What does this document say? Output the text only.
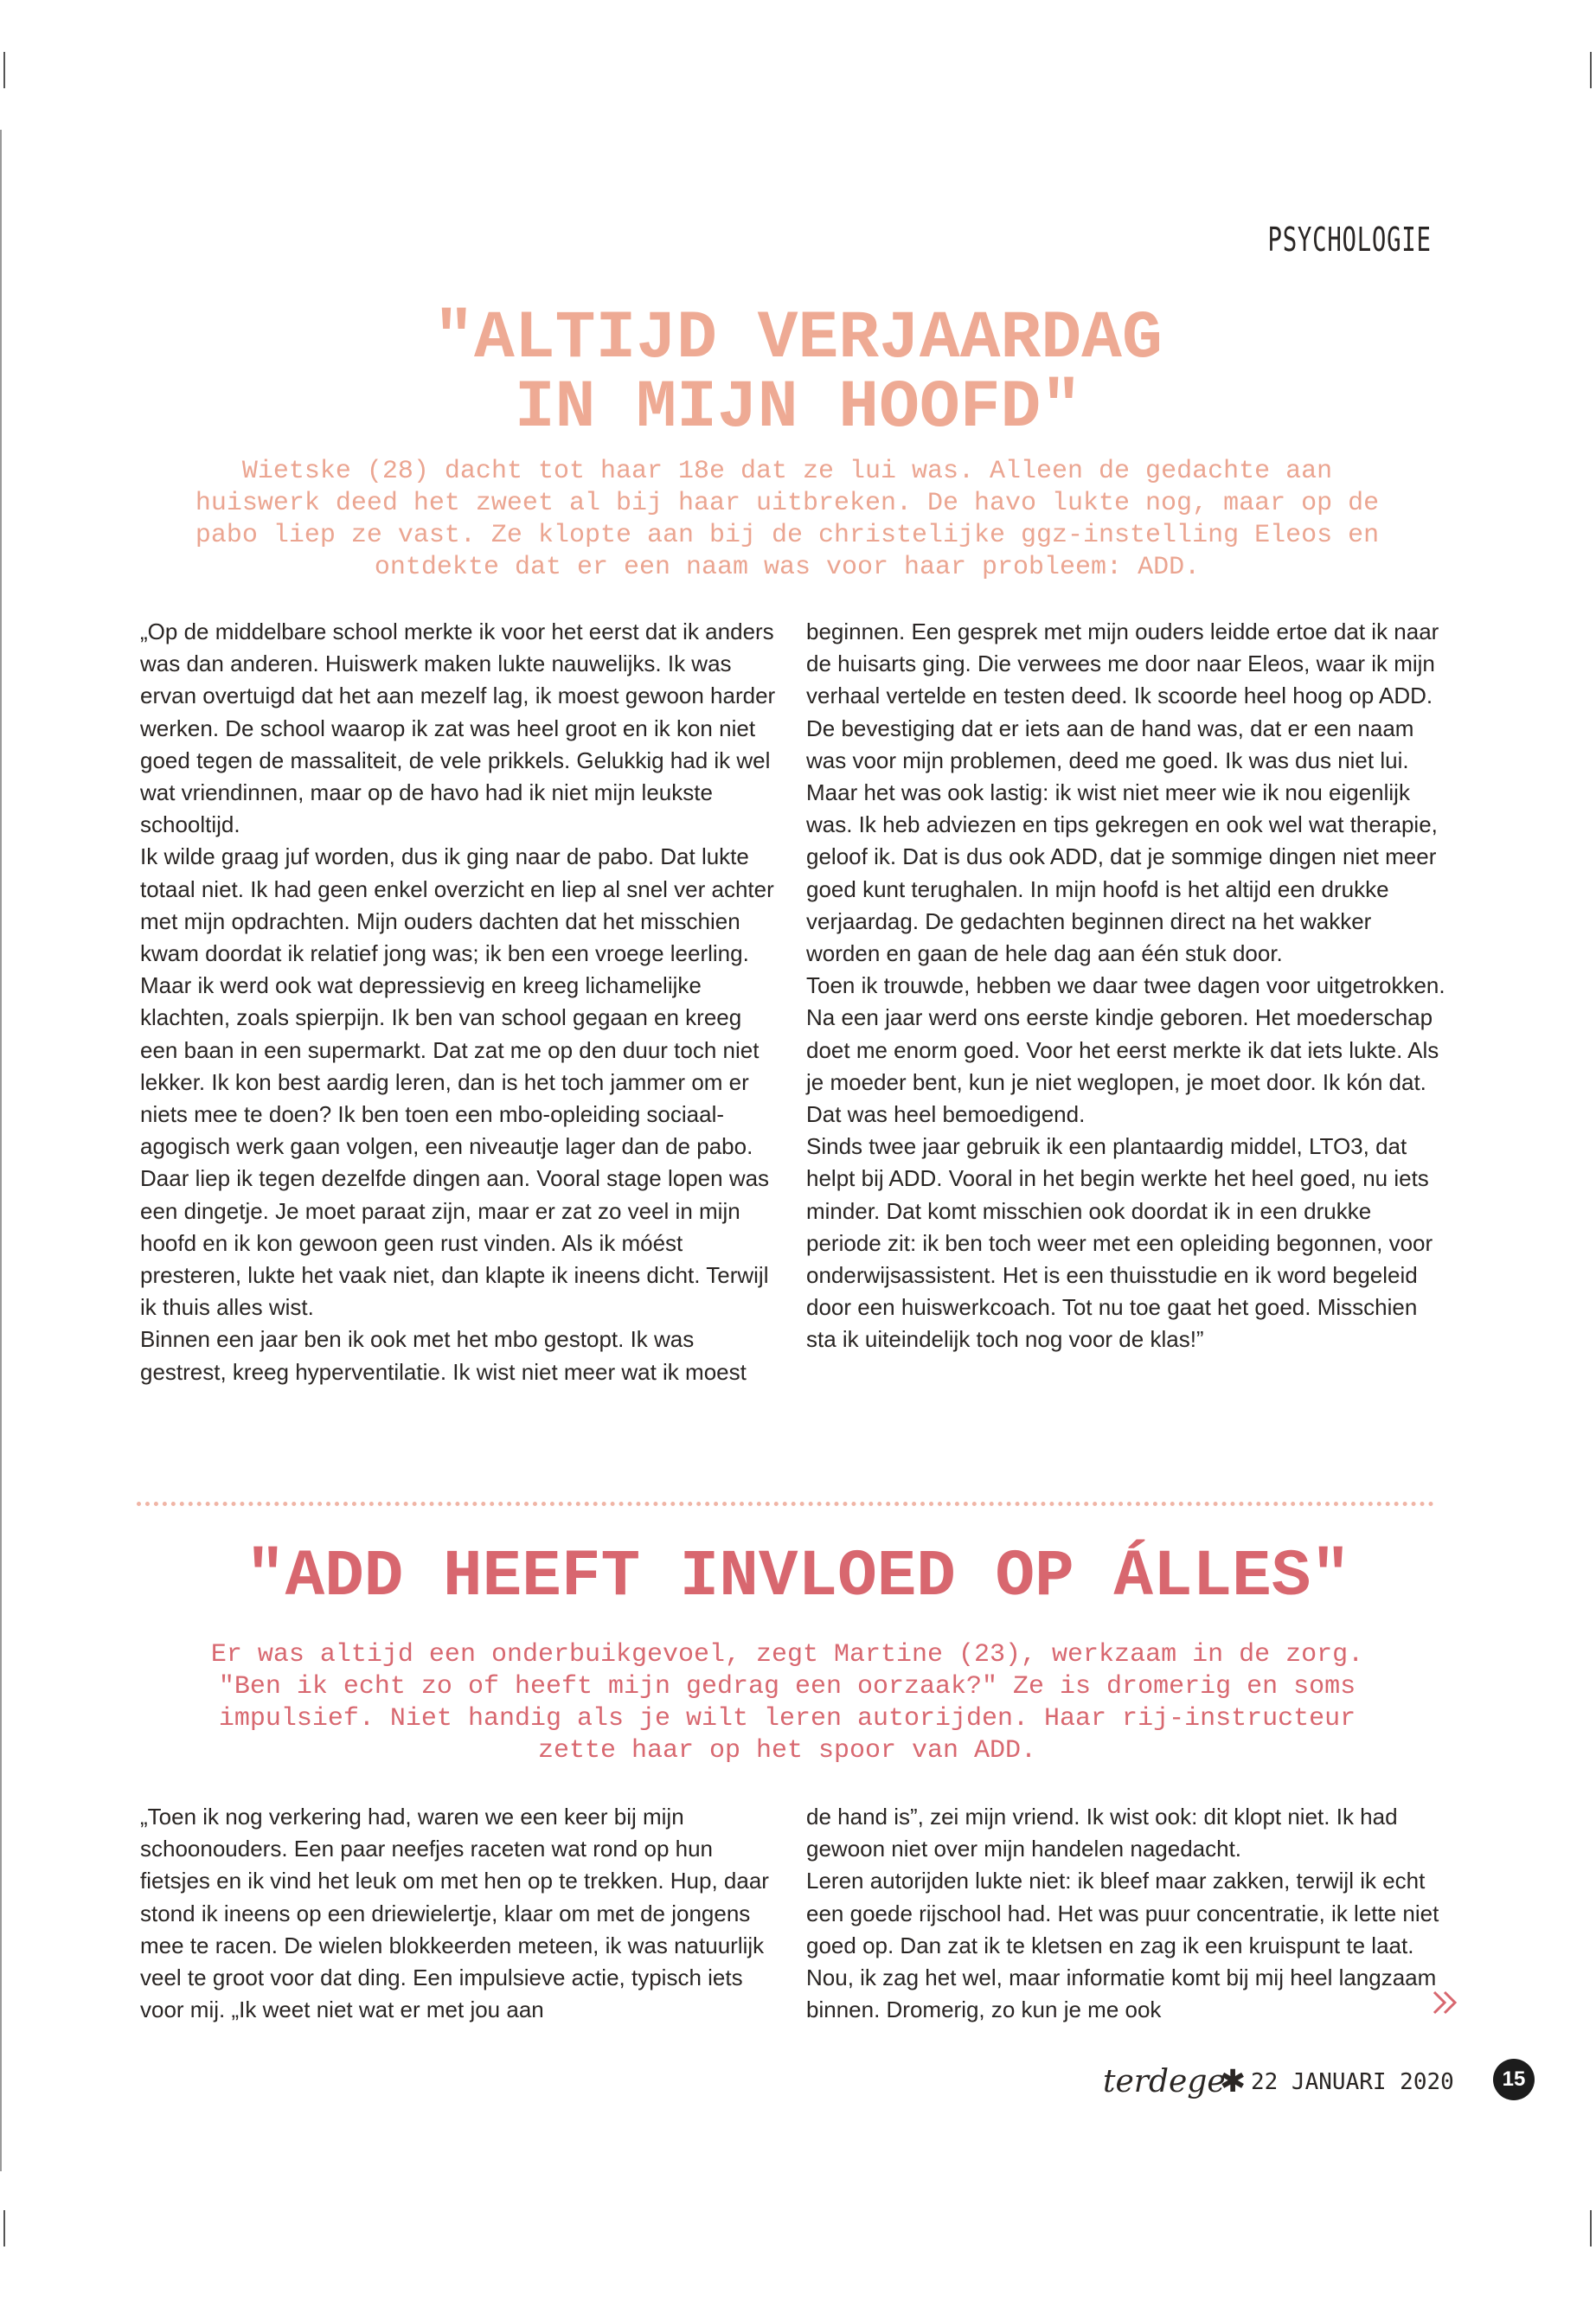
PSYCHOLOGIE
"ALTIJD VERJAARDAG
IN MIJN HOOFD"

Wietske (28) dacht tot haar 18e dat ze lui was. Alleen de gedachte aan huiswerk deed het zweet al bij haar uitbreken. De havo lukte nog, maar op de pabo liep ze vast. Ze klopte aan bij de christelijke ggz-instelling Eleos en ontdekte dat er een naam was voor haar probleem: ADD.

„Op de middelbare school merkte ik voor het eerst dat ik anders was dan anderen. Huiswerk maken lukte nauwelijks. Ik was ervan overtuigd dat het aan mezelf lag, ik moest gewoon harder werken. De school waarop ik zat was heel groot en ik kon niet goed tegen de massaliteit, de vele prikkels. Gelukkig had ik wel wat vriendinnen, maar op de havo had ik niet mijn leukste schooltijd.

Ik wilde graag juf worden, dus ik ging naar de pabo. Dat lukte totaal niet. Ik had geen enkel overzicht en liep al snel ver achter met mijn opdrachten. Mijn ouders dachten dat het misschien kwam doordat ik relatief jong was; ik ben een vroege leerling. Maar ik werd ook wat depressievig en kreeg lichamelijke klachten, zoals spierpijn. Ik ben van school gegaan en kreeg een baan in een supermarkt. Dat zat me op den duur toch niet lekker. Ik kon best aardig leren, dan is het toch jammer om er niets mee te doen? Ik ben toen een mbo-opleiding sociaal-agogisch werk gaan volgen, een niveautje lager dan de pabo. Daar liep ik tegen dezelfde dingen aan. Vooral stage lopen was een dingetje. Je moet paraat zijn, maar er zat zo veel in mijn hoofd en ik kon gewoon geen rust vinden. Als ik móést presteren, lukte het vaak niet, dan klapte ik ineens dicht. Terwijl ik thuis alles wist.

Binnen een jaar ben ik ook met het mbo gestopt. Ik was gestrest, kreeg hyperventilatie. Ik wist niet meer wat ik moest

beginnen. Een gesprek met mijn ouders leidde ertoe dat ik naar de huisarts ging. Die verwees me door naar Eleos, waar ik mijn verhaal vertelde en testen deed. Ik scoorde heel hoog op ADD. De bevestiging dat er iets aan de hand was, dat er een naam was voor mijn problemen, deed me goed. Ik was dus niet lui. Maar het was ook lastig: ik wist niet meer wie ik nou eigenlijk was. Ik heb adviezen en tips gekregen en ook wel wat therapie, geloof ik. Dat is dus ook ADD, dat je sommige dingen niet meer goed kunt terughalen. In mijn hoofd is het altijd een drukke verjaardag. De gedachten beginnen direct na het wakker worden en gaan de hele dag aan één stuk door.

Toen ik trouwde, hebben we daar twee dagen voor uitgetrokken. Na een jaar werd ons eerste kindje geboren. Het moederschap doet me enorm goed. Voor het eerst merkte ik dat iets lukte. Als je moeder bent, kun je niet weglopen, je moet door. Ik kón dat. Dat was heel bemoedigend.

Sinds twee jaar gebruik ik een plantaardig middel, LTO3, dat helpt bij ADD. Vooral in het begin werkte het heel goed, nu iets minder. Dat komt misschien ook doordat ik in een drukke periode zit: ik ben toch weer met een opleiding begonnen, voor onderwijsassistent. Het is een thuisstudie en ik word begeleid door een huiswerkcoach. Tot nu toe gaat het goed. Misschien sta ik uiteindelijk toch nog voor de klas!”

"ADD HEEFT INVLOED OP ÁLLES"

Er was altijd een onderbuikgevoel, zegt Martine (23), werkzaam in de zorg. "Ben ik echt zo of heeft mijn gedrag een oorzaak?" Ze is dromerig en soms impulsief. Niet handig als je wilt leren autorijden. Haar rij-instructeur zette haar op het spoor van ADD.

„Toen ik nog verkering had, waren we een keer bij mijn schoonouders. Een paar neefjes raceten wat rond op hun fietsjes en ik vind het leuk om met hen op te trekken. Hup, daar stond ik ineens op een driewielertje, klaar om met de jongens mee te racen. De wielen blokkeerden meteen, ik was natuurlijk veel te groot voor dat ding. Een impulsieve actie, typisch iets voor mij. „Ik weet niet wat er met jou aan

de hand is”, zei mijn vriend. Ik wist ook: dit klopt niet. Ik had gewoon niet over mijn handelen nagedacht.

Leren autorijden lukte niet: ik bleef maar zakken, terwijl ik echt een goede rijschool had. Het was puur concentratie, ik lette niet goed op. Dan zat ik te kletsen en zag ik een kruispunt te laat. Nou, ik zag het wel, maar informatie komt bij mij heel langzaam binnen. Dromerig, zo kun je me ook

terdege
✱ 22 JANUARI 2020	15
